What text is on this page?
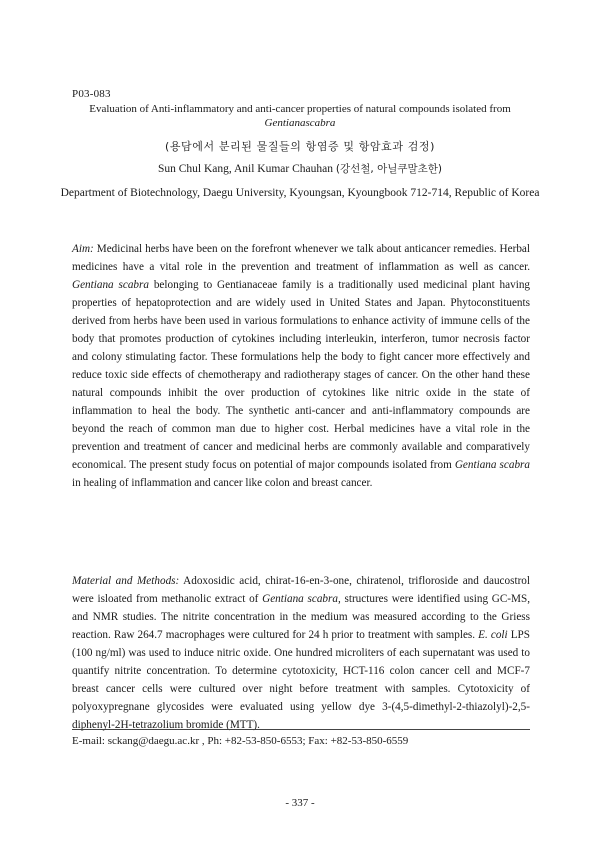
P03-083
Evaluation of Anti-inflammatory and anti-cancer properties of natural compounds isolated from Gentianascabra
(용담에서 분리된 물질들의 항염증 및 항암효과 검정)
Sun Chul Kang, Anil Kumar Chauhan (강선철, 아닐쿠말초한)
Department of Biotechnology, Daegu University, Kyoungsan, Kyoungbook 712-714, Republic of Korea
Aim: Medicinal herbs have been on the forefront whenever we talk about anticancer remedies. Herbal medicines have a vital role in the prevention and treatment of inflammation as well as cancer. Gentiana scabra belonging to Gentianaceae family is a traditionally used medicinal plant having properties of hepatoprotection and are widely used in United States and Japan. Phytoconstituents derived from herbs have been used in various formulations to enhance activity of immune cells of the body that promotes production of cytokines including interleukin, interferon, tumor necrosis factor and colony stimulating factor. These formulations help the body to fight cancer more effectively and reduce toxic side effects of chemotherapy and radiotherapy stages of cancer. On the other hand these natural compounds inhibit the over production of cytokines like nitric oxide in the state of inflammation to heal the body. The synthetic anti-cancer and anti-inflammatory compounds are beyond the reach of common man due to higher cost. Herbal medicines have a vital role in the prevention and treatment of cancer and medicinal herbs are commonly available and comparatively economical. The present study focus on potential of major compounds isolated from Gentiana scabra in healing of inflammation and cancer like colon and breast cancer.
Material and Methods: Adoxosidic acid, chirat-16-en-3-one, chiratenol, trifloroside and daucostrol were isloated from methanolic extract of Gentiana scabra, structures were identified using GC-MS, and NMR studies. The nitrite concentration in the medium was measured according to the Griess reaction. Raw 264.7 macrophages were cultured for 24 h prior to treatment with samples. E. coli LPS (100 ng/ml) was used to induce nitric oxide. One hundred microliters of each supernatant was used to quantify nitrite concentration. To determine cytotoxicity, HCT-116 colon cancer cell and MCF-7 breast cancer cells were cultured over night before treatment with samples. Cytotoxicity of polyoxypregnane glycosides were evaluated using yellow dye 3-(4,5-dimethyl-2-thiazolyl)-2,5-diphenyl-2H-tetrazolium bromide (MTT).
E-mail: sckang@daegu.ac.kr , Ph: +82-53-850-6553; Fax: +82-53-850-6559
- 337 -
